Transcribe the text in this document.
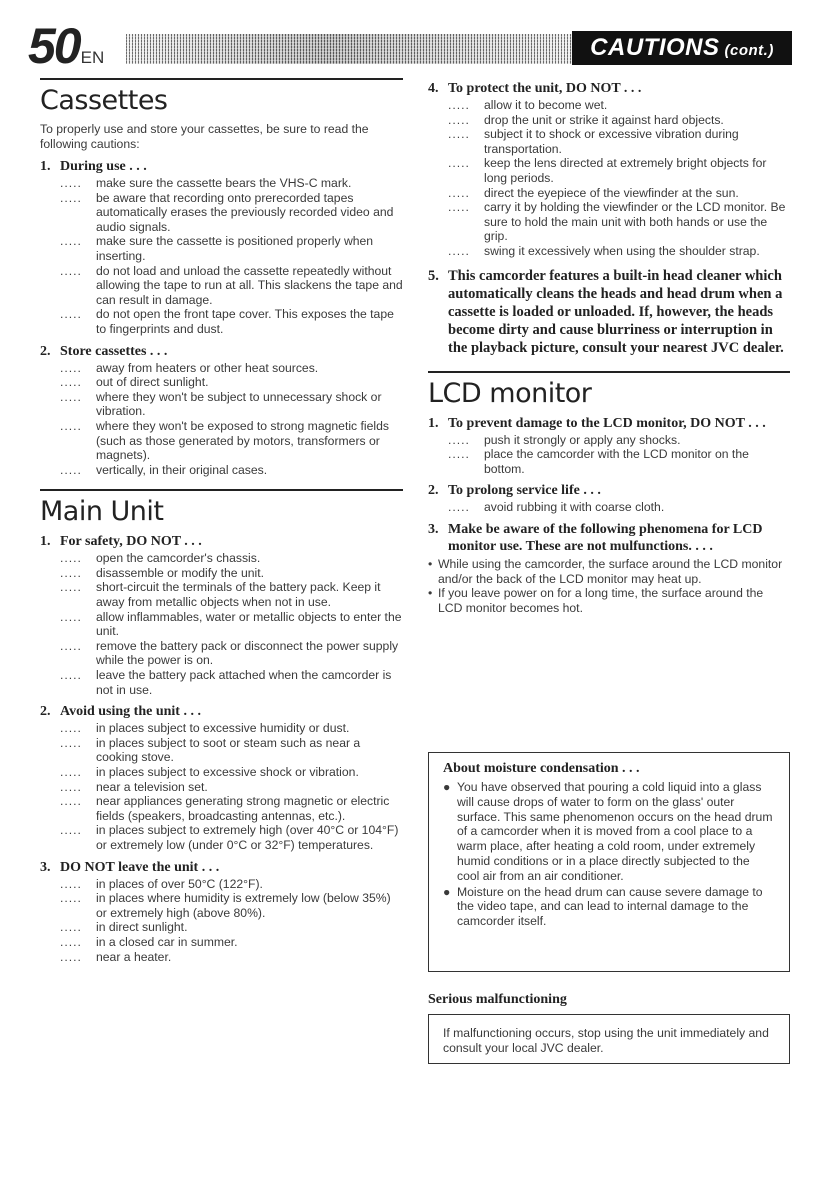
50EN	CAUTIONS (cont.)
Cassettes

To properly use and store your cassettes, be sure to read the following cautions:

1. During use . . .
..... make sure the cassette bears the VHS-C mark.
..... be aware that recording onto prerecorded tapes automatically erases the previously recorded video and audio signals.
..... make sure the cassette is positioned properly when inserting.
..... do not load and unload the cassette repeatedly without allowing the tape to run at all. This slackens the tape and can result in damage.
..... do not open the front tape cover. This exposes the tape to fingerprints and dust.
2. Store cassettes . . .
..... away from heaters or other heat sources.
..... out of direct sunlight.
..... where they won't be subject to unnecessary shock or vibration.
..... where they won't be exposed to strong magnetic fields (such as those generated by motors, transformers or magnets).
..... vertically, in their original cases.
Main Unit
1. For safety, DO NOT . . .
..... open the camcorder's chassis.
..... disassemble or modify the unit.
..... short-circuit the terminals of the battery pack. Keep it away from metallic objects when not in use.
..... allow inflammables, water or metallic objects to enter the unit.
..... remove the battery pack or disconnect the power supply while the power is on.
..... leave the battery pack attached when the camcorder is not in use.
2. Avoid using the unit . . .
..... in places subject to excessive humidity or dust.
..... in places subject to soot or steam such as near a cooking stove.
..... in places subject to excessive shock or vibration.
..... near a television set.
..... near appliances generating strong magnetic or electric fields (speakers, broadcasting antennas, etc.).
..... in places subject to extremely high (over 40°C or 104°F) or extremely low (under 0°C or 32°F) temperatures.
3. DO NOT leave the unit . . .
..... in places of over 50°C (122°F).
..... in places where humidity is extremely low (below 35%) or extremely high (above 80%).
..... in direct sunlight.
..... in a closed car in summer.
..... near a heater.
4. To protect the unit, DO NOT . . .
..... allow it to become wet.
..... drop the unit or strike it against hard objects.
..... subject it to shock or excessive vibration during transportation.
..... keep the lens directed at extremely bright objects for long periods.
..... direct the eyepiece of the viewfinder at the sun.
..... carry it by holding the viewfinder or the LCD monitor. Be sure to hold the main unit with both hands or use the grip.
..... swing it excessively when using the shoulder strap.
5. This camcorder features a built-in head cleaner which automatically cleans the heads and head drum when a cassette is loaded or unloaded. If, however, the heads become dirty and cause blurriness or interruption in the playback picture, consult your nearest JVC dealer.
LCD monitor
1. To prevent damage to the LCD monitor, DO NOT . . .
..... push it strongly or apply any shocks.
..... place the camcorder with the LCD monitor on the bottom.
2. To prolong service life . . .
..... avoid rubbing it with coarse cloth.
3. Make be aware of the following phenomena for LCD monitor use. These are not mulfunctions. . . .
• While using the camcorder, the surface around the LCD monitor and/or the back of the LCD monitor may heat up.
• If you leave power on for a long time, the surface around the LCD monitor becomes hot.
About moisture condensation . . .
● You have observed that pouring a cold liquid into a glass will cause drops of water to form on the glass' outer surface. This same phenomenon occurs on the head drum of a camcorder when it is moved from a cool place to a warm place, after heating a cold room, under extremely humid conditions or in a place directly subjected to the cool air from an air conditioner.
● Moisture on the head drum can cause severe damage to the video tape, and can lead to internal damage to the camcorder itself.
Serious malfunctioning
If malfunctioning occurs, stop using the unit immediately and consult your local JVC dealer.
